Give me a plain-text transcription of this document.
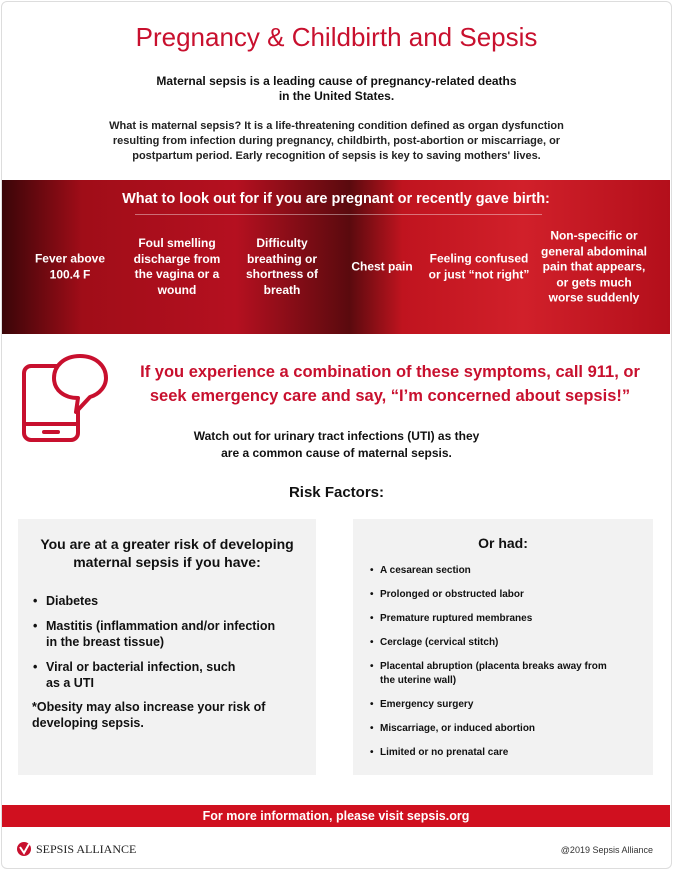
Pregnancy & Childbirth and Sepsis

Maternal sepsis is a leading cause of pregnancy-related deaths in the United States.

What is maternal sepsis? It is a life-threatening condition defined as organ dysfunction resulting from infection during pregnancy, childbirth, post-abortion or miscarriage, or postpartum period. Early recognition of sepsis is key to saving mothers' lives.

What to look out for if you are pregnant or recently gave birth:
Fever above 100.4 F
Foul smelling discharge from the vagina or a wound
Difficulty breathing or shortness of breath
Chest pain
Feeling confused or just “not right”
Non-specific or general abdominal pain that appears, or gets much worse suddenly

If you experience a combination of these symptoms, call 911, or seek emergency care and say, “I’m concerned about sepsis!”

Watch out for urinary tract infections (UTI) as they are a common cause of maternal sepsis.

Risk Factors:
You are at a greater risk of developing maternal sepsis if you have:
• Diabetes
• Mastitis (inflammation and/or infection in the breast tissue)
• Viral or bacterial infection, such as a UTI

*Obesity may also increase your risk of developing sepsis.

Or had:
• A cesarean section
• Prolonged or obstructed labor
• Premature ruptured membranes
• Cerclage (cervical stitch)
• Placental abruption (placenta breaks away from the uterine wall)
• Emergency surgery
• Miscarriage, or induced abortion
• Limited or no prenatal care
For more information, please visit sepsis.org
SEPSIS ALLIANCE	@2019 Sepsis Alliance
